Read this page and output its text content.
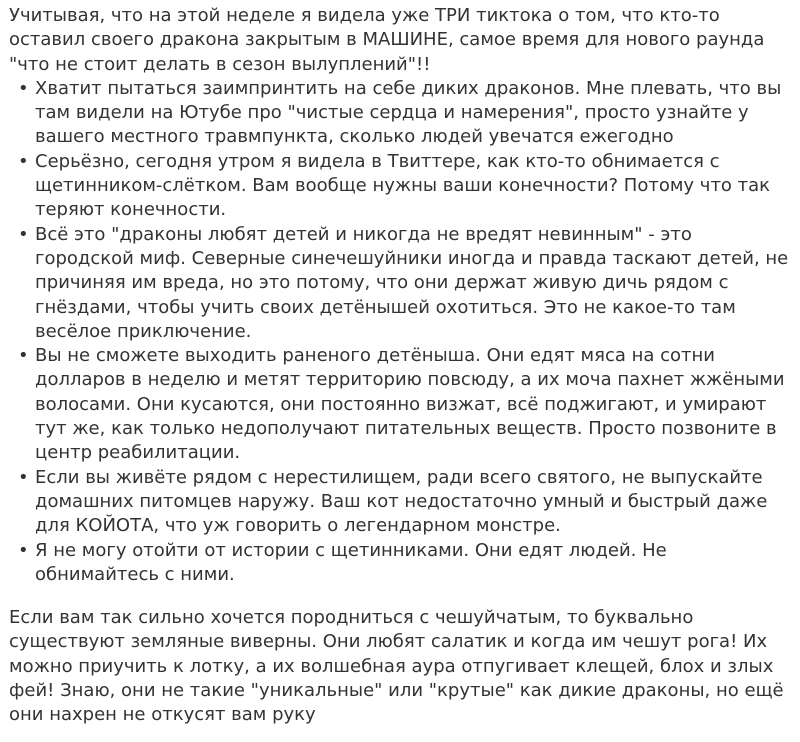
Учитывая, что на этой неделе я видела уже ТРИ тиктока о том, что кто-то оставил своего дракона закрытым в МАШИНЕ, самое время для нового раунда "что не стоит делать в сезон вылуплений"!!

• Хватит пытаться заимпринтить на себе диких драконов. Мне плевать, что вы там видели на Ютубе про "чистые сердца и намерения", просто узнайте у вашего местного травмпункта, сколько людей увечатся ежегодно
• Серьёзно, сегодня утром я видела в Твиттере, как кто-то обнимается с щетинником-слётком. Вам вообще нужны ваши конечности? Потому что так теряют конечности.
• Всё это "драконы любят детей и никогда не вредят невинным" - это городской миф. Северные синечешуйники иногда и правда таскают детей, не причиняя им вреда, но это потому, что они держат живую дичь рядом с гнёздами, чтобы учить своих детёнышей охотиться. Это не какое-то там весёлое приключение.
• Вы не сможете выходить раненого детёныша. Они едят мяса на сотни долларов в неделю и метят территорию повсюду, а их моча пахнет жжёными волосами. Они кусаются, они постоянно визжат, всё поджигают, и умирают тут же, как только недополучают питательных веществ. Просто позвоните в центр реабилитации.
• Если вы живёте рядом с нерестилищем, ради всего святого, не выпускайте домашних питомцев наружу. Ваш кот недостаточно умный и быстрый даже для КОЙОТА, что уж говорить о легендарном монстре.
• Я не могу отойти от истории с щетинниками. Они едят людей. Не обнимайтесь с ними.

Если вам так сильно хочется породниться с чешуйчатым, то буквально существуют земляные виверны. Они любят салатик и когда им чешут рога! Их можно приучить к лотку, а их волшебная аура отпугивает клещей, блох и злых фей! Знаю, они не такие "уникальные" или "крутые" как дикие драконы, но ещё они нахрен не откусят вам руку
